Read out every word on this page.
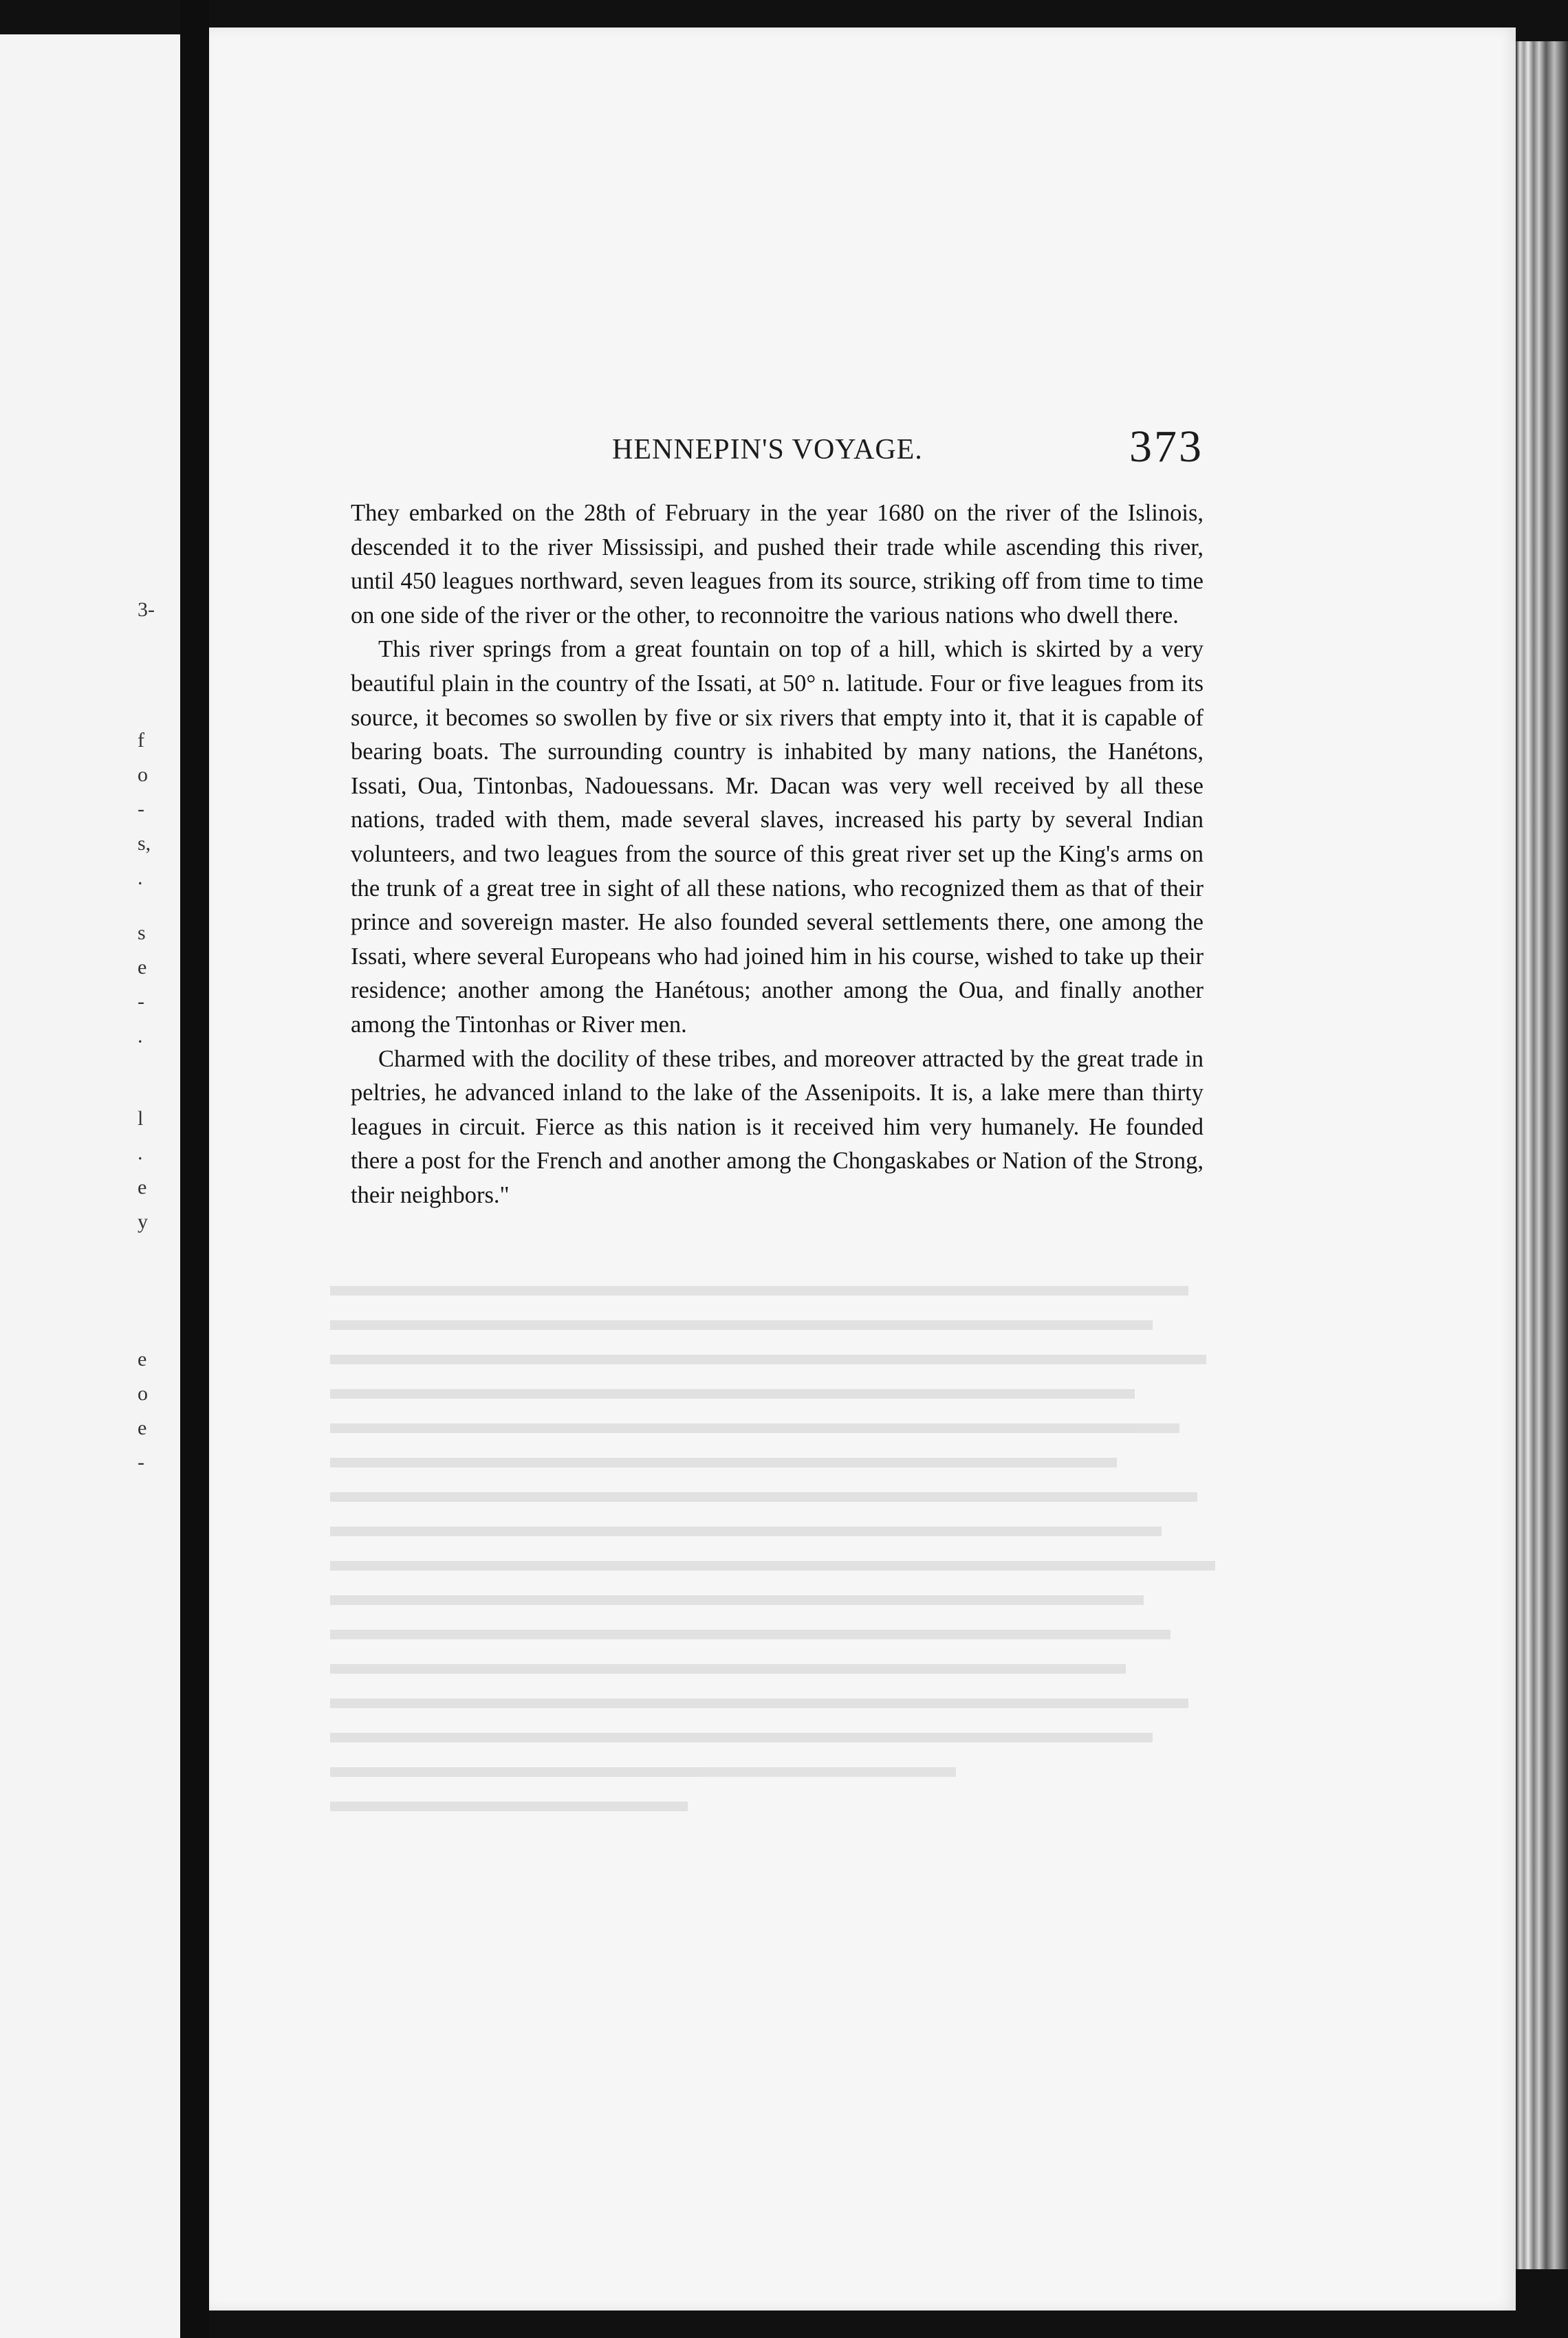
3-
f
o
-
s,
.
s
e
-
.
l
.
e
y
e
o
e
-
HENNEPIN'S VOYAGE.	373

They embarked on the 28th of February in the year 1680 on the river of the Islinois, descended it to the river Mississipi, and pushed their trade while ascending this river, until 450 leagues northward, seven leagues from its source, striking off from time to time on one side of the river or the other, to reconnoitre the various nations who dwell there.

This river springs from a great fountain on top of a hill, which is skirted by a very beautiful plain in the country of the Issati, at 50° n. latitude. Four or five leagues from its source, it becomes so swollen by five or six rivers that empty into it, that it is capable of bearing boats. The surrounding country is inhabited by many nations, the Hanétons, Issati, Oua, Tintonbas, Nadouessans. Mr. Dacan was very well received by all these nations, traded with them, made several slaves, increased his party by several Indian volunteers, and two leagues from the source of this great river set up the King's arms on the trunk of a great tree in sight of all these nations, who recognized them as that of their prince and sovereign master. He also founded several settlements there, one among the Issati, where several Europeans who had joined him in his course, wished to take up their residence; another among the Hanétous; another among the Oua, and finally another among the Tintonhas or River men.

Charmed with the docility of these tribes, and moreover attracted by the great trade in peltries, he advanced inland to the lake of the Assenipoits. It is, a lake mere than thirty leagues in circuit. Fierce as this nation is it received him very humanely. He founded there a post for the French and another among the Chongaskabes or Nation of the Strong, their neighbors."
